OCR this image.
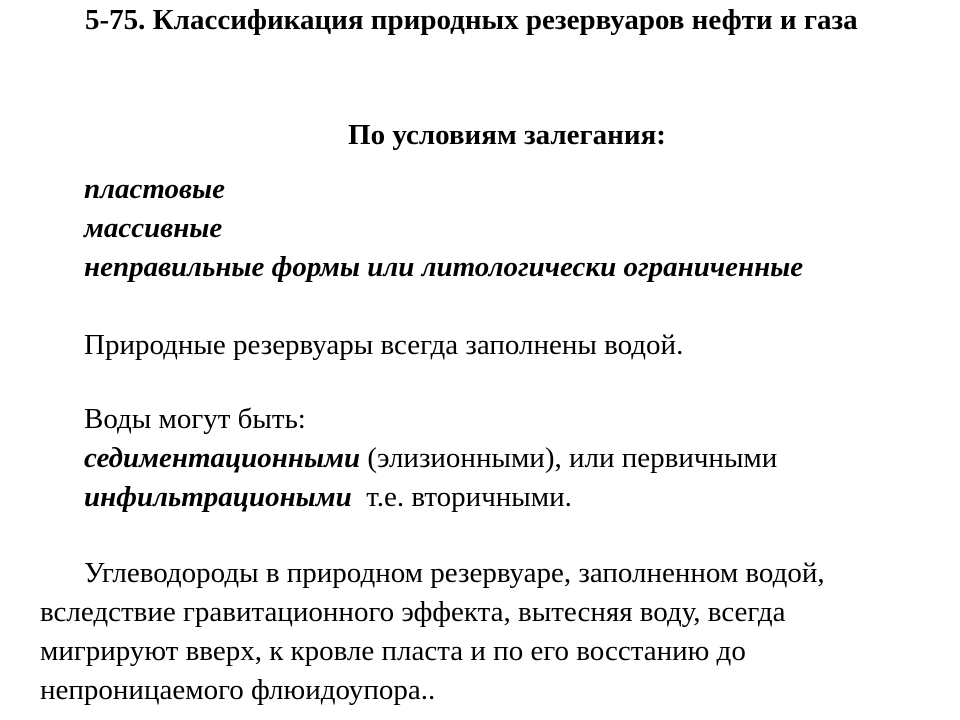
5-75. Классификация природных резервуаров нефти и газа

По условиям залегания:

пластовые
массивные
неправильные формы или литологически ограниченные

Природные резервуары всегда заполнены водой.

Воды могут быть:

седиментационными (элизионными), или первичными

инфильтрациоными  т.е. вторичными.

Углеводороды в природном резервуаре, заполненном водой, вследствие гравитационного эффекта, вытесняя воду, всегда мигрируют вверх, к кровле пласта и по его восстанию до непроницаемого флюидоупора..
